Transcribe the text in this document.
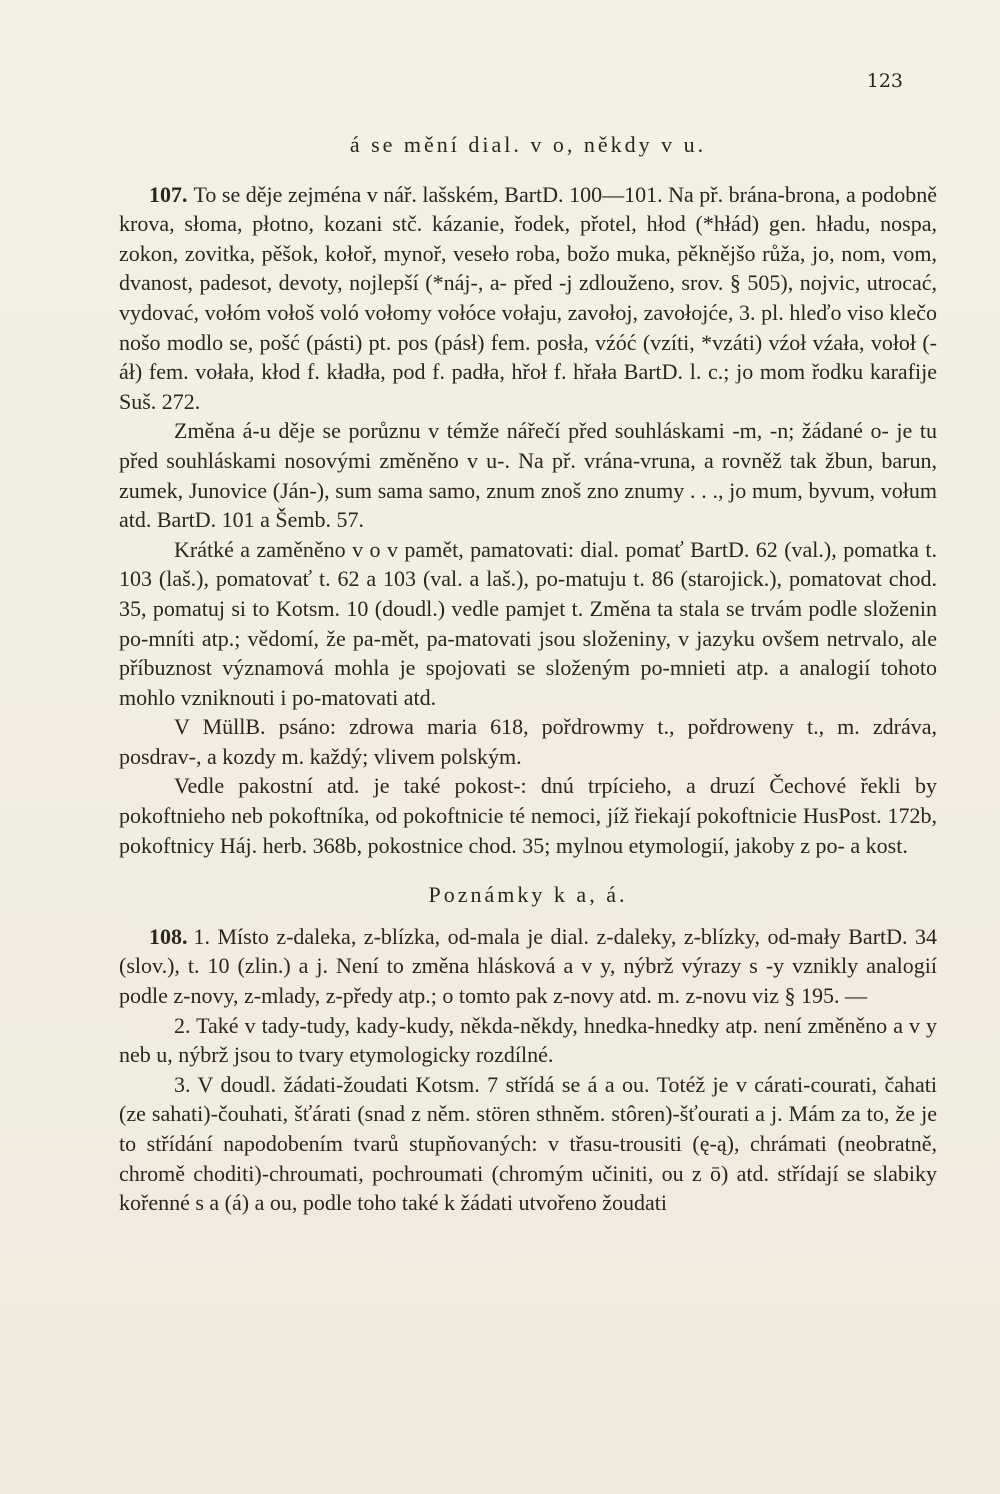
123
á se mění dial. v o, někdy v u.

107. To se děje zejména v nář. lašském, BartD. 100—101. Na př. brána-brona, a podobně krova, słoma, płotno, kozani stč. kázanie, řodek, přotel, hłod (*hłád) gen. hładu, nospa, zokon, zovitka, pěšok, kołoř, mynoř, veseło roba, božo muka, pěknějšo růža, jo, nom, vom, dvanost, padesot, devoty, nojlepší (*náj-, a- před -j zdlouženo, srov. § 505), nojvic, utrocać, vydovać, vołóm vołoš voló vołomy vołóce vołaju, zavołoj, zavołojće, 3. pl. hleďo viso klečo nošo modlo se, pošć (pásti) pt. pos (pásł) fem. posła, vźóć (vzíti, *vzáti) vźoł vźała, vołoł (-áł) fem. vołała, kłod f. kładła, pod f. padła, hřoł f. hřała BartD. l. c.; jo mom řodku karafije Suš. 272.

Změna á-u děje se porůznu v témže nářečí před souhláskami -m, -n; žádané o- je tu před souhláskami nosovými změněno v u-. Na př. vrána-vruna, a rovněž tak žbun, barun, zumek, Junovice (Ján-), sum sama samo, znum znoš zno znumy . . ., jo mum, byvum, vołum atd. BartD. 101 a Šemb. 57.

Krátké a zaměněno v o v pamět, pamatovati: dial. pomať BartD. 62 (val.), pomatka t. 103 (laš.), pomatovať t. 62 a 103 (val. a laš.), po-matuju t. 86 (starojick.), pomatovat chod. 35, pomatuj si to Kotsm. 10 (doudl.) vedle pamjet t. Změna ta stala se trvám podle složenin po-mníti atp.; vědomí, že pa-mět, pa-matovati jsou složeniny, v jazyku ovšem netrvalo, ale příbuznost významová mohla je spojovati se složeným po-mnieti atp. a analogií tohoto mohlo vzniknouti i po-matovati atd.

V MüllB. psáno: zdrowa maria 618, pořdrowmy t., pořdroweny t., m. zdráva, posdrav-, a kozdy m. každý; vlivem polským.

Vedle pakostní atd. je také pokost-: dnú trpícieho, a druzí Čechové řekli by pokoftnieho neb pokoftníka, od pokoftnicie té nemoci, jíž řiekají pokoftnicie HusPost. 172b, pokoftnicy Háj. herb. 368b, pokostnice chod. 35; mylnou etymologií, jakoby z po- a kost.

Poznámky k a, á.

108. 1. Místo z-daleka, z-blízka, od-mala je dial. z-daleky, z-blízky, od-mały BartD. 34 (slov.), t. 10 (zlin.) a j. Není to změna hlásková a v y, nýbrž výrazy s -y vznikly analogií podle z-novy, z-mlady, z-předy atp.; o tomto pak z-novy atd. m. z-novu viz § 195. —

2. Také v tady-tudy, kady-kudy, někda-někdy, hnedka-hnedky atp. není změněno a v y neb u, nýbrž jsou to tvary etymologicky rozdílné.

3. V doudl. žádati-žoudati Kotsm. 7 střídá se á a ou. Totéž je v cárati-courati, čahati (ze sahati)-čouhati, šťárati (snad z něm. stören sthněm. stôren)-šťourati a j. Mám za to, že je to střídání napodobením tvarů stupňovaných: v třasu-trousiti (ę-ą), chrámati (neobratně, chromě choditi)-chroumati, pochroumati (chromým učiniti, ou z ō) atd. střídají se slabiky kořenné s a (á) a ou, podle toho také k žádati utvořeno žoudati
